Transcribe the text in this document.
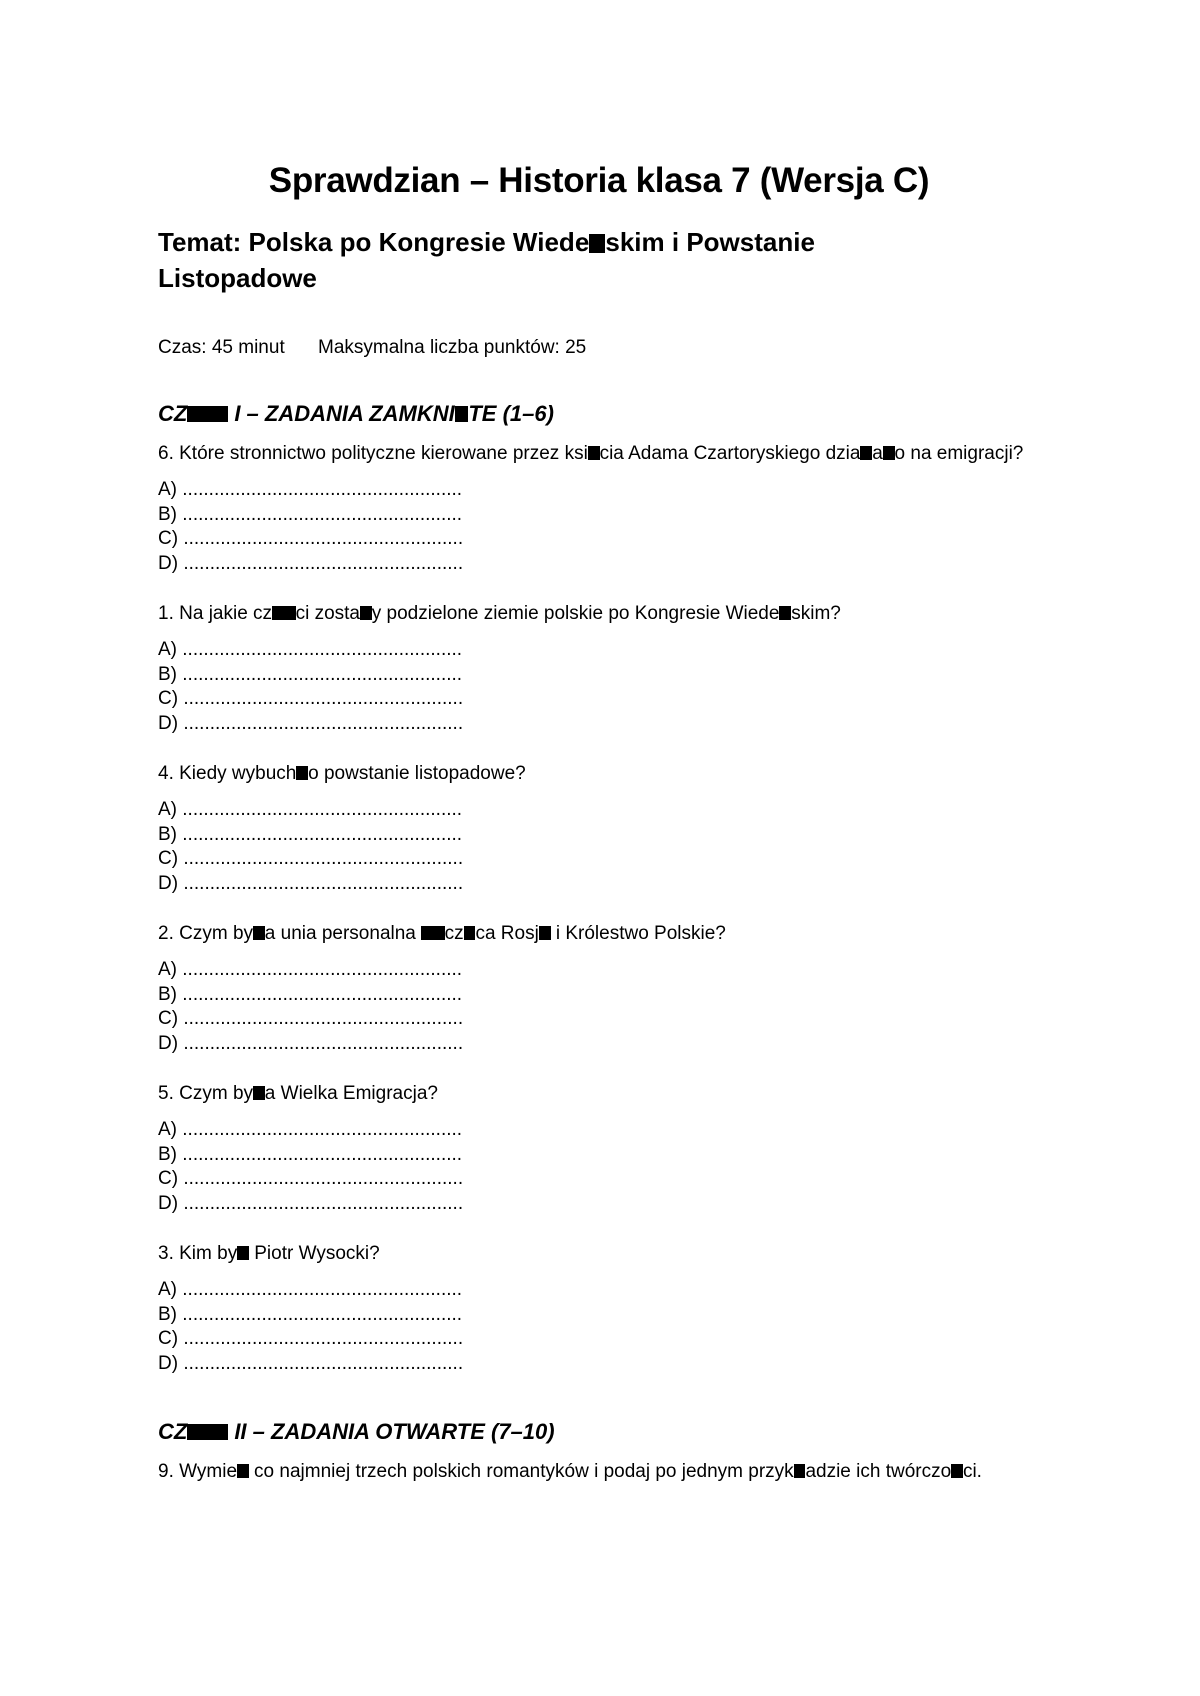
Sprawdzian – Historia klasa 7 (Wersja C)
Temat: Polska po Kongresie Wiede skim i Powstanie Listopadowe
Czas: 45 minut Maksymalna liczba punktów: 25
CZ I – ZADANIA ZAMKNI TE (1–6)
6. Które stronnictwo polityczne kierowane przez ksi cia Adama Czartoryskiego dzia a o na emigracji?
A) .....................................................
B) .....................................................
C) .....................................................
D) .....................................................
1. Na jakie cz ci zosta y podzielone ziemie polskie po Kongresie Wiede skim?
A) .....................................................
B) .....................................................
C) .....................................................
D) .....................................................
4. Kiedy wybuch o powstanie listopadowe?
A) .....................................................
B) .....................................................
C) .....................................................
D) .....................................................
2. Czym by a unia personalna cz ca Rosj i Królestwo Polskie?
A) .....................................................
B) .....................................................
C) .....................................................
D) .....................................................
5. Czym by a Wielka Emigracja?
A) .....................................................
B) .....................................................
C) .....................................................
D) .....................................................
3. Kim by Piotr Wysocki?
A) .....................................................
B) .....................................................
C) .....................................................
D) .....................................................
CZ II – ZADANIA OTWARTE (7–10)
9. Wymie co najmniej trzech polskich romantyków i podaj po jednym przyk adzie ich twórczo ci.
